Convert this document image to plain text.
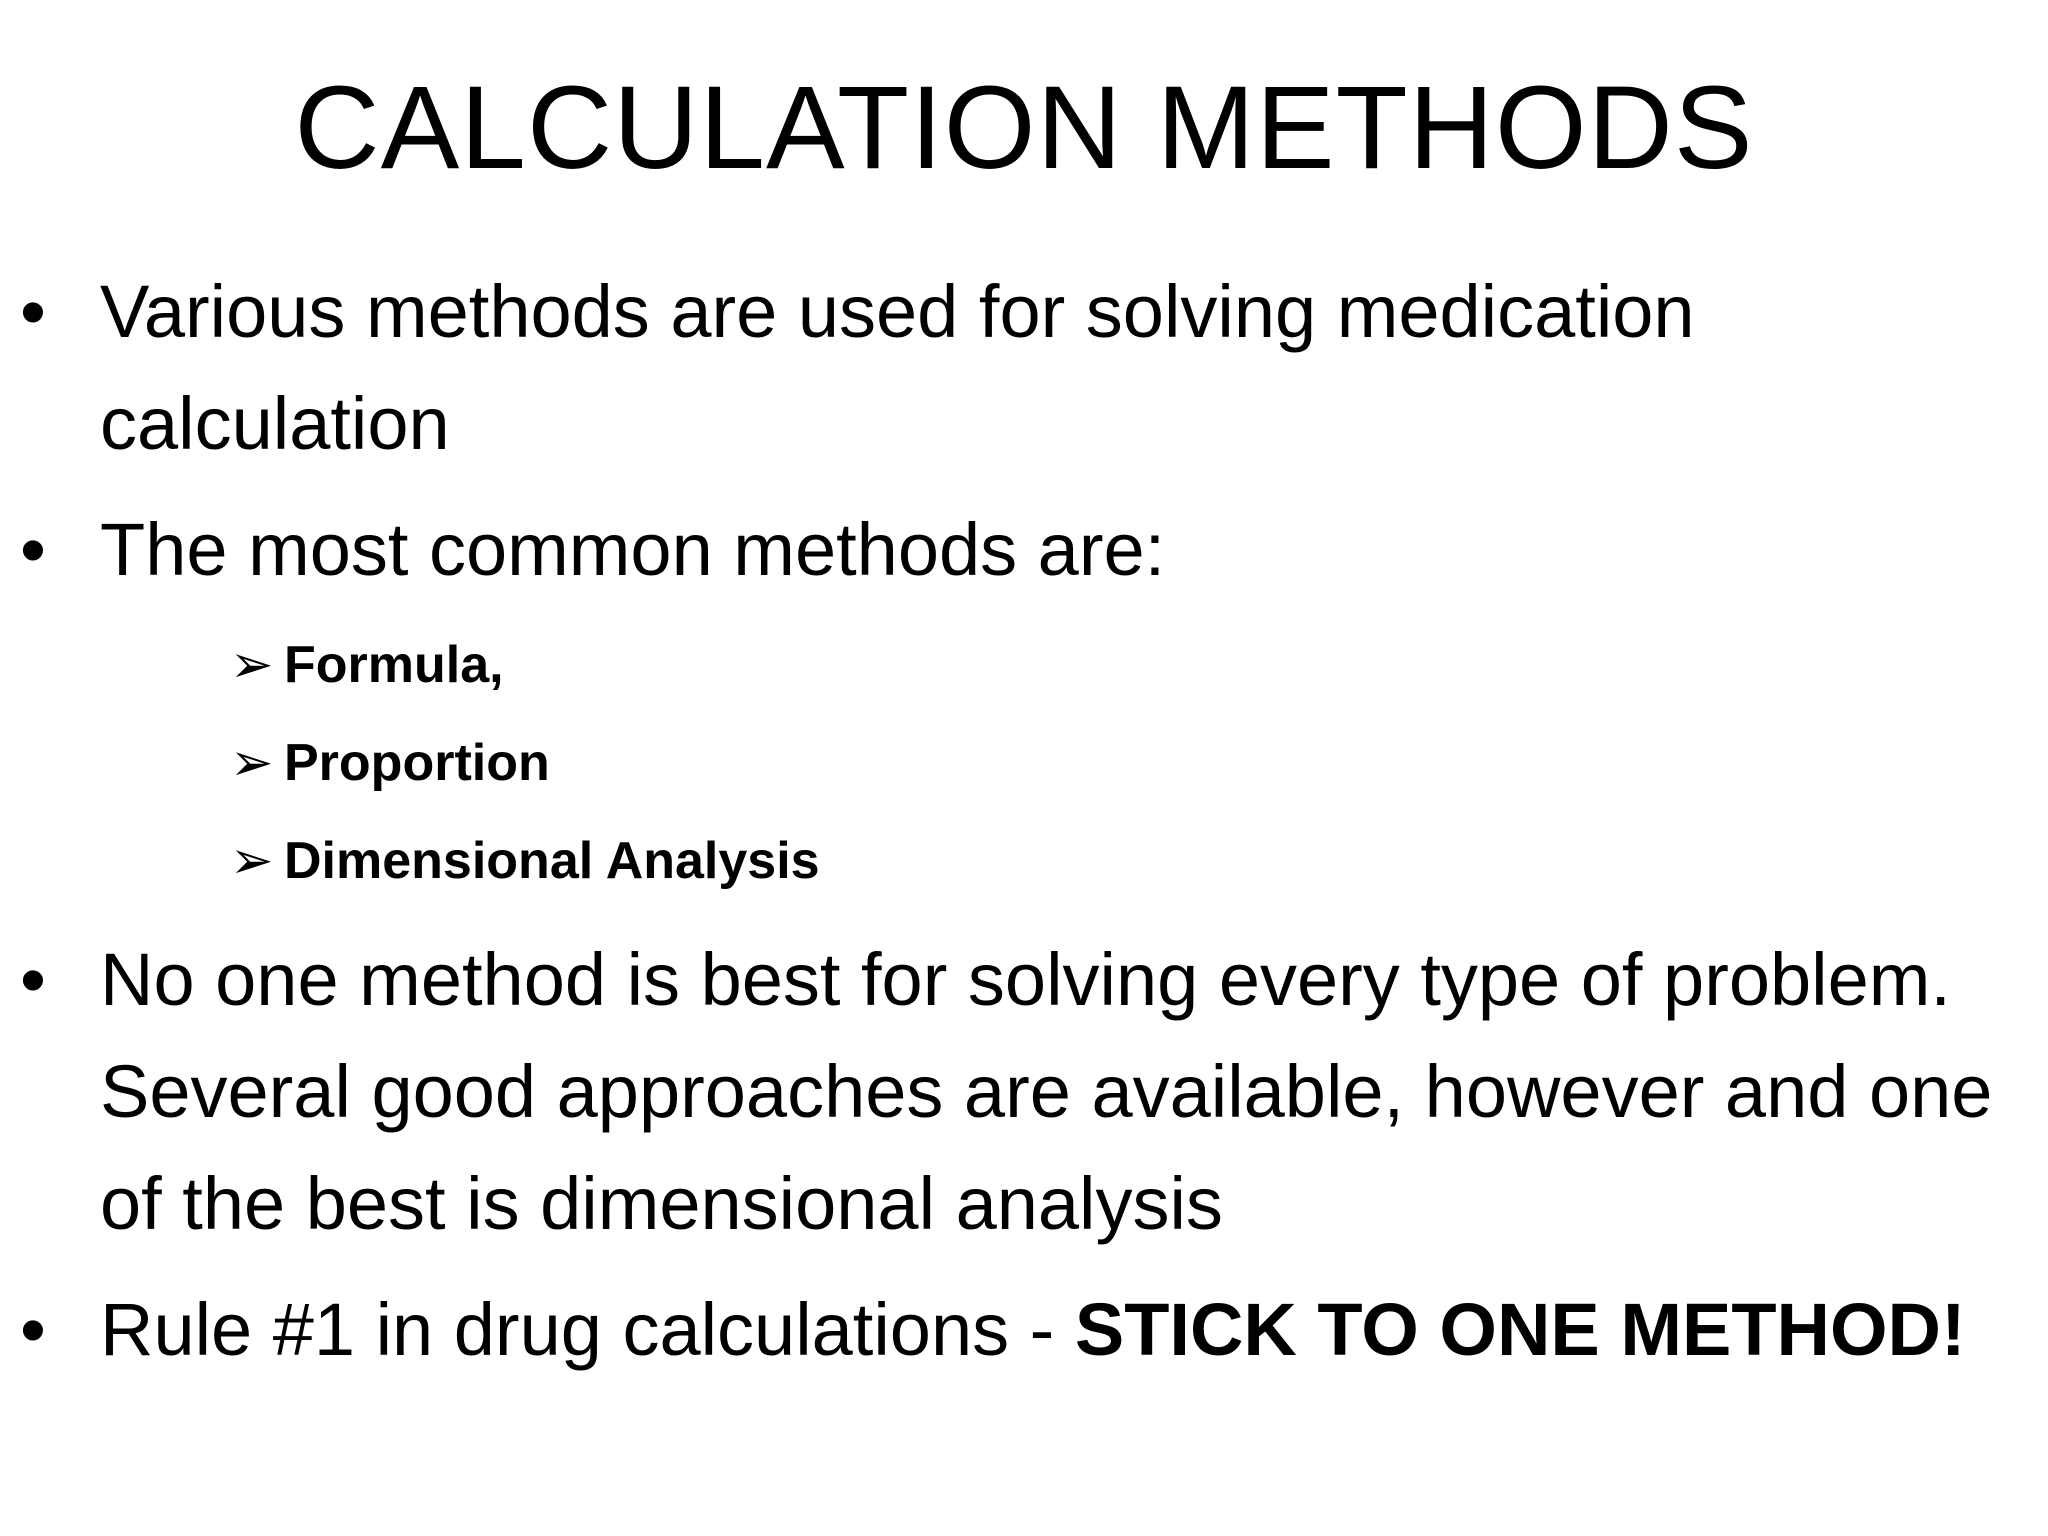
CALCULATION METHODS
• Various methods are used for solving medication calculation
• The most common methods are:
➢ Formula,
➢ Proportion
➢ Dimensional Analysis
• No one method is best for solving every type of problem. Several good approaches are available, however and one of the best is dimensional analysis
• Rule #1 in drug calculations - STICK TO ONE METHOD!
